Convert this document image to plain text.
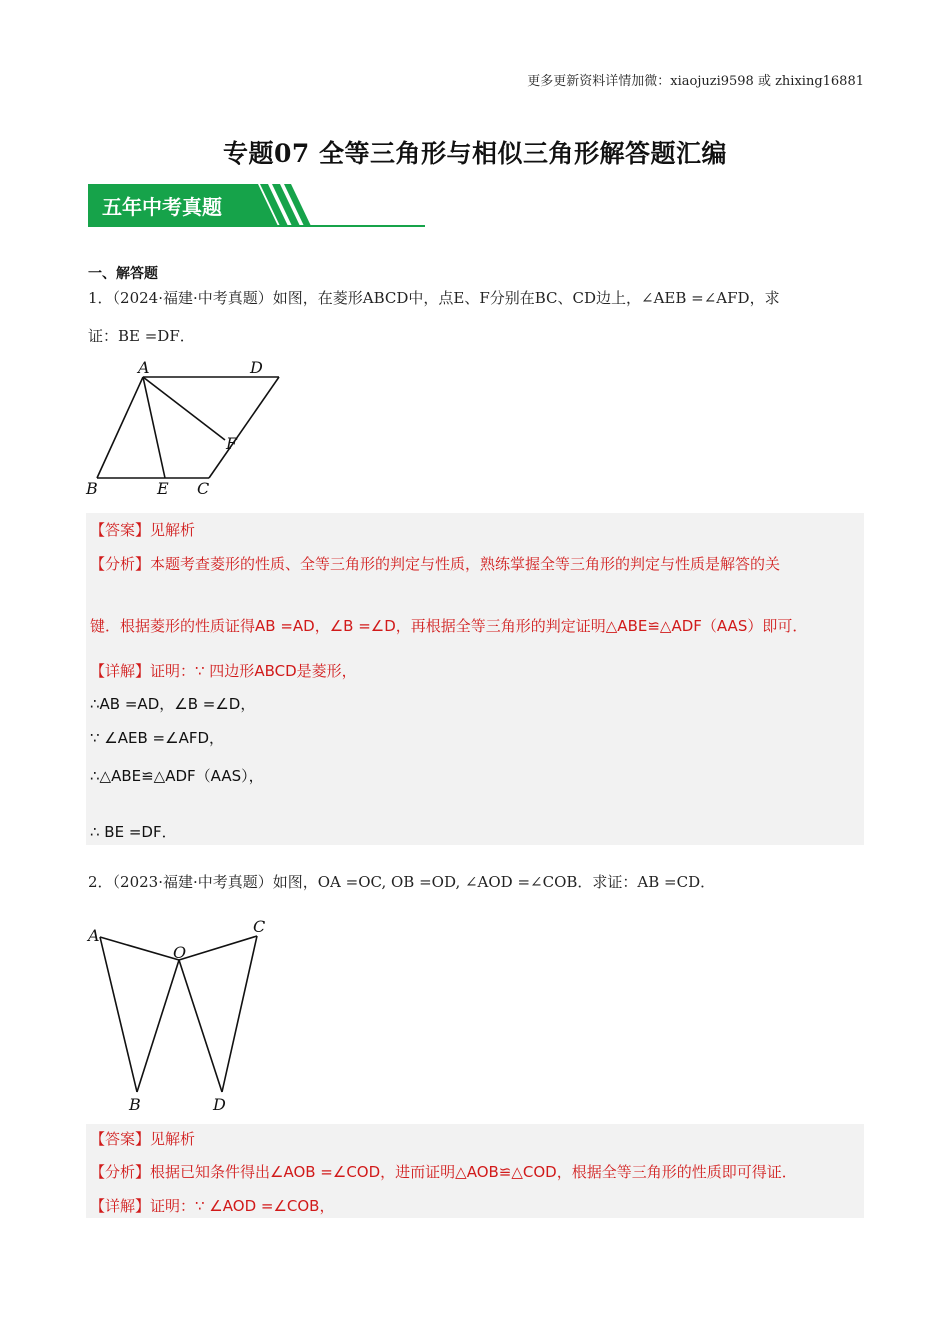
更多更新资料详情加微：xiaojuzi9598 或 zhixing16881
专题07 全等三角形与相似三角形解答题汇编
五年中考真题
一、解答题
1．（2024·福建·中考真题）如图，在菱形ABCD中，点E、F分别在BC、CD边上，∠AEB =∠AFD，求
证：BE =DF．
A	D
F
B	E C
【答案】见解析
【分析】本题考查菱形的性质、全等三角形的判定与性质，熟练掌握全等三角形的判定与性质是解答的关
键．根据菱形的性质证得AB =AD，∠B =∠D，再根据全等三角形的判定证明△ABE≌△ADF（AAS）即可．
【详解】证明：∵ 四边形ABCD是菱形，
∴AB =AD，∠B =∠D，
∵ ∠AEB =∠AFD，
∴△ABE≌△ADF（AAS），
∴ BE =DF．
2．（2023·福建·中考真题）如图，OA =OC, OB =OD, ∠AOD =∠COB．求证：AB =CD．
A
O
C
B	D
【答案】见解析
【分析】根据已知条件得出∠AOB =∠COD，进而证明△AOB≌△COD，根据全等三角形的性质即可得证．
【详解】证明：∵ ∠AOD =∠COB，
